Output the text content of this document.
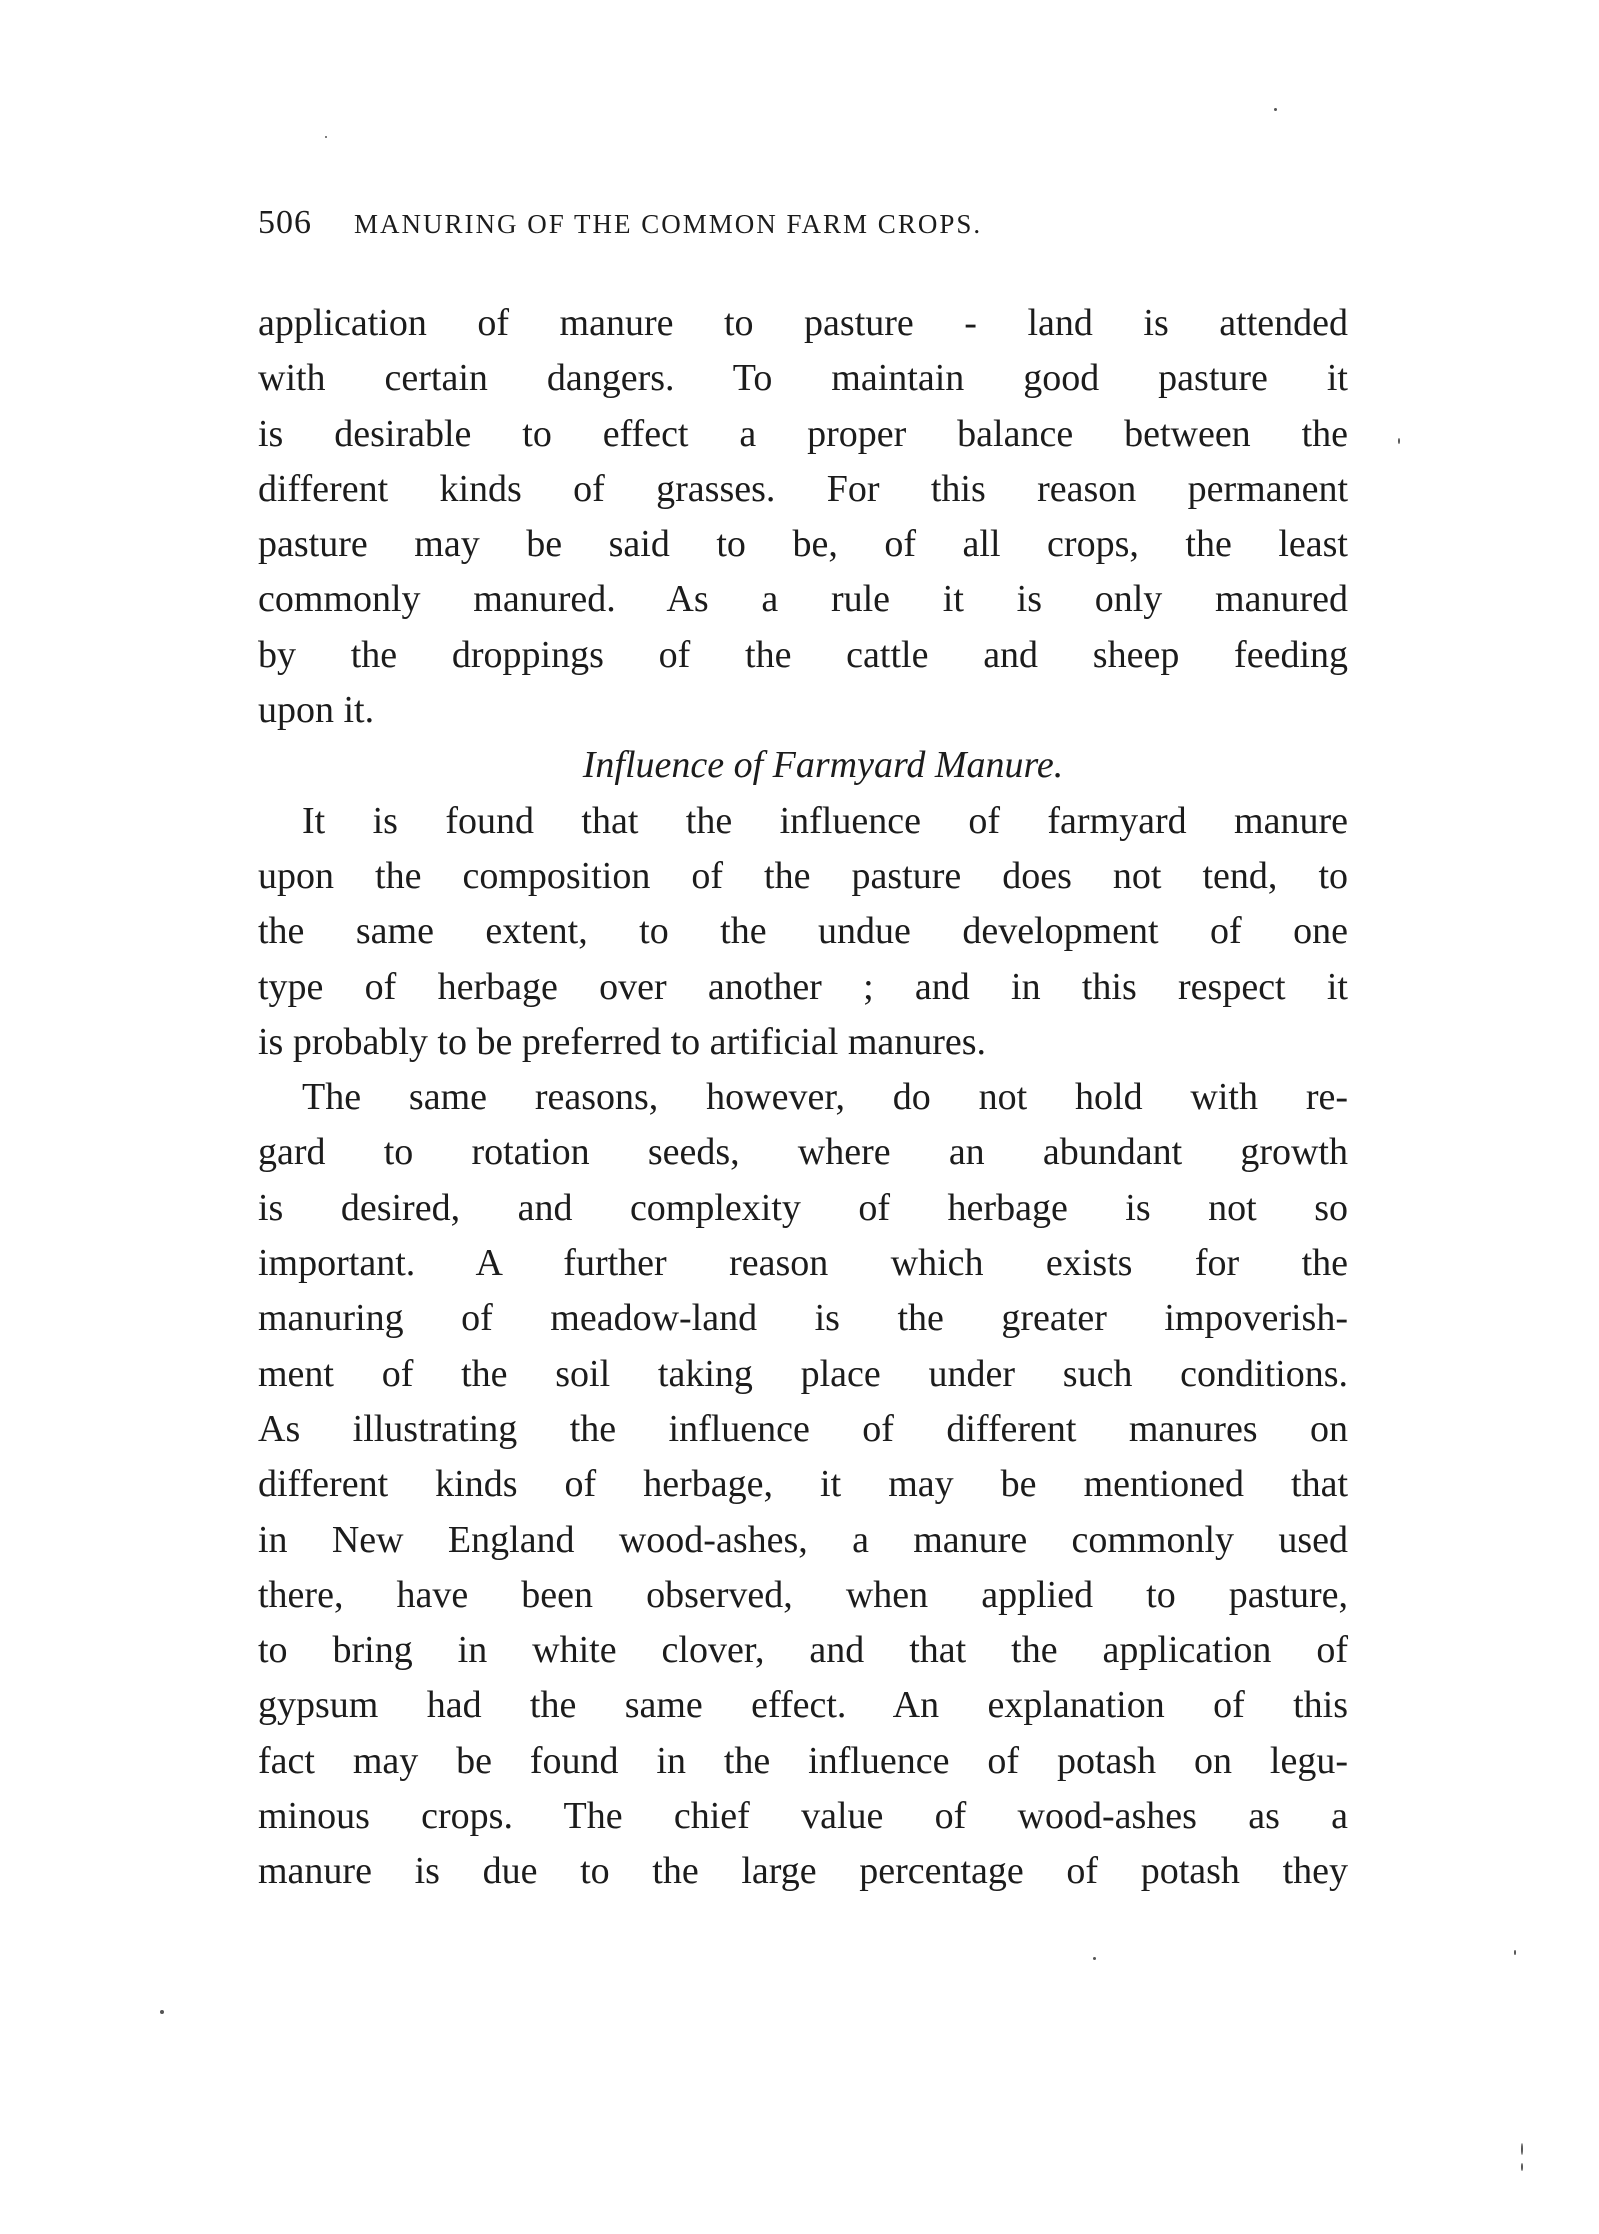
506 MANURING OF THE COMMON FARM CROPS.
application of manure to pasture - land is attended
with certain dangers. To maintain good pasture it
is desirable to effect a proper balance between the
different kinds of grasses. For this reason permanent
pasture may be said to be, of all crops, the least
commonly manured. As a rule it is only manured
by the droppings of the cattle and sheep feeding
upon it.
Influence of Farmyard Manure.
It is found that the influence of farmyard manure
upon the composition of the pasture does not tend, to
the same extent, to the undue development of one
type of herbage over another ; and in this respect it
is probably to be preferred to artificial manures.
The same reasons, however, do not hold with re-
gard to rotation seeds, where an abundant growth
is desired, and complexity of herbage is not so
important. A further reason which exists for the
manuring of meadow-land is the greater impoverish-
ment of the soil taking place under such conditions.
As illustrating the influence of different manures on
different kinds of herbage, it may be mentioned that
in New England wood-ashes, a manure commonly used
there, have been observed, when applied to pasture,
to bring in white clover, and that the application of
gypsum had the same effect. An explanation of this
fact may be found in the influence of potash on legu-
minous crops. The chief value of wood-ashes as a
manure is due to the large percentage of potash they
